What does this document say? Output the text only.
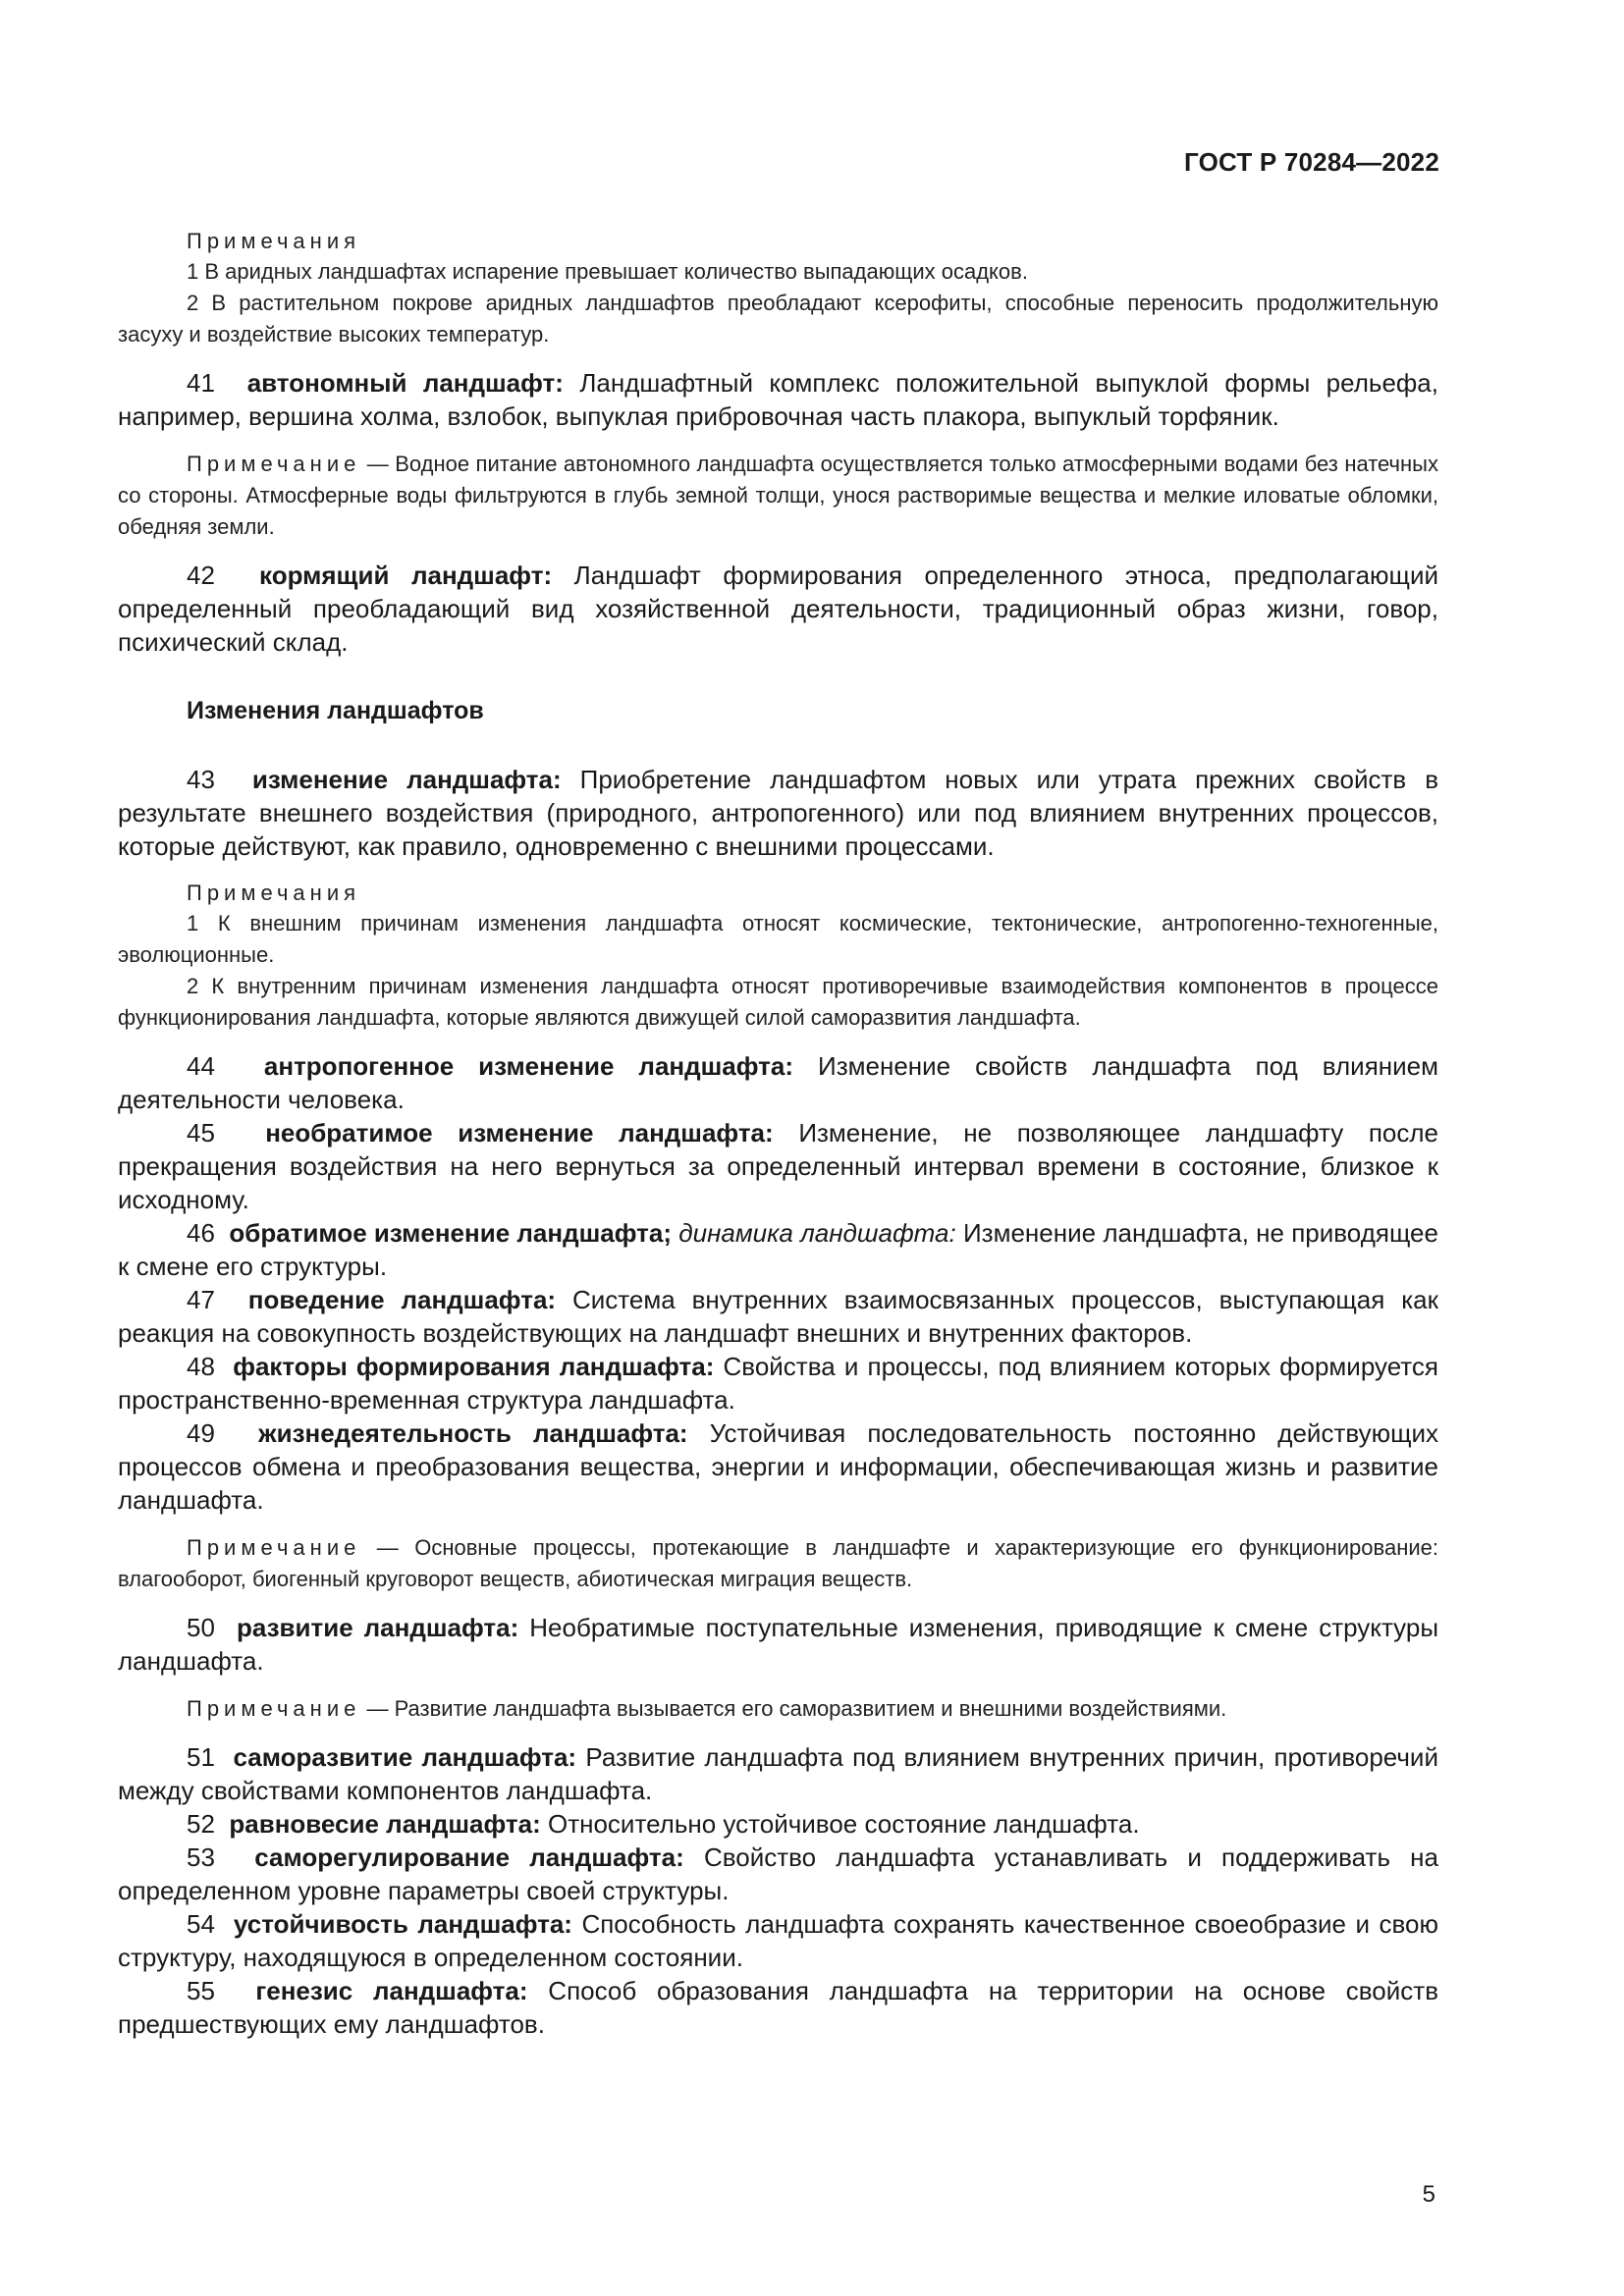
ГОСТ Р 70284—2022
Примечания

1 В аридных ландшафтах испарение превышает количество выпадающих осадков.

2 В растительном покрове аридных ландшафтов преобладают ксерофиты, способные переносить продолжительную засуху и воздействие высоких температур.

41 автономный ландшафт: Ландшафтный комплекс положительной выпуклой формы рельефа, например, вершина холма, взлобок, выпуклая прибровочная часть плакора, выпуклый торфяник.

Примечание — Водное питание автономного ландшафта осуществляется только атмосферными водами без натечных со стороны. Атмосферные воды фильтруются в глубь земной толщи, унося растворимые вещества и мелкие иловатые обломки, обедняя земли.

42 кормящий ландшафт: Ландшафт формирования определенного этноса, предполагающий определенный преобладающий вид хозяйственной деятельности, традиционный образ жизни, говор, психический склад.

Изменения ландшафтов

43 изменение ландшафта: Приобретение ландшафтом новых или утрата прежних свойств в результате внешнего воздействия (природного, антропогенного) или под влиянием внутренних процессов, которые действуют, как правило, одновременно с внешними процессами.

Примечания

1 К внешним причинам изменения ландшафта относят космические, тектонические, антропогенно-техногенные, эволюционные.

2 К внутренним причинам изменения ландшафта относят противоречивые взаимодействия компонентов в процессе функционирования ландшафта, которые являются движущей силой саморазвития ландшафта.

44 антропогенное изменение ландшафта: Изменение свойств ландшафта под влиянием деятельности человека.

45 необратимое изменение ландшафта: Изменение, не позволяющее ландшафту после прекращения воздействия на него вернуться за определенный интервал времени в состояние, близкое к исходному.

46 обратимое изменение ландшафта; динамика ландшафта: Изменение ландшафта, не приводящее к смене его структуры.

47 поведение ландшафта: Система внутренних взаимосвязанных процессов, выступающая как реакция на совокупность воздействующих на ландшафт внешних и внутренних факторов.

48 факторы формирования ландшафта: Свойства и процессы, под влиянием которых формируется пространственно-временная структура ландшафта.

49 жизнедеятельность ландшафта: Устойчивая последовательность постоянно действующих процессов обмена и преобразования вещества, энергии и информации, обеспечивающая жизнь и развитие ландшафта.

Примечание — Основные процессы, протекающие в ландшафте и характеризующие его функционирование: влагооборот, биогенный круговорот веществ, абиотическая миграция веществ.

50 развитие ландшафта: Необратимые поступательные изменения, приводящие к смене структуры ландшафта.

Примечание — Развитие ландшафта вызывается его саморазвитием и внешними воздействиями.

51 саморазвитие ландшафта: Развитие ландшафта под влиянием внутренних причин, противоречий между свойствами компонентов ландшафта.

52 равновесие ландшафта: Относительно устойчивое состояние ландшафта.

53 саморегулирование ландшафта: Свойство ландшафта устанавливать и поддерживать на определенном уровне параметры своей структуры.

54 устойчивость ландшафта: Способность ландшафта сохранять качественное своеобразие и свою структуру, находящуюся в определенном состоянии.

55 генезис ландшафта: Способ образования ландшафта на территории на основе свойств предшествующих ему ландшафтов.

5
